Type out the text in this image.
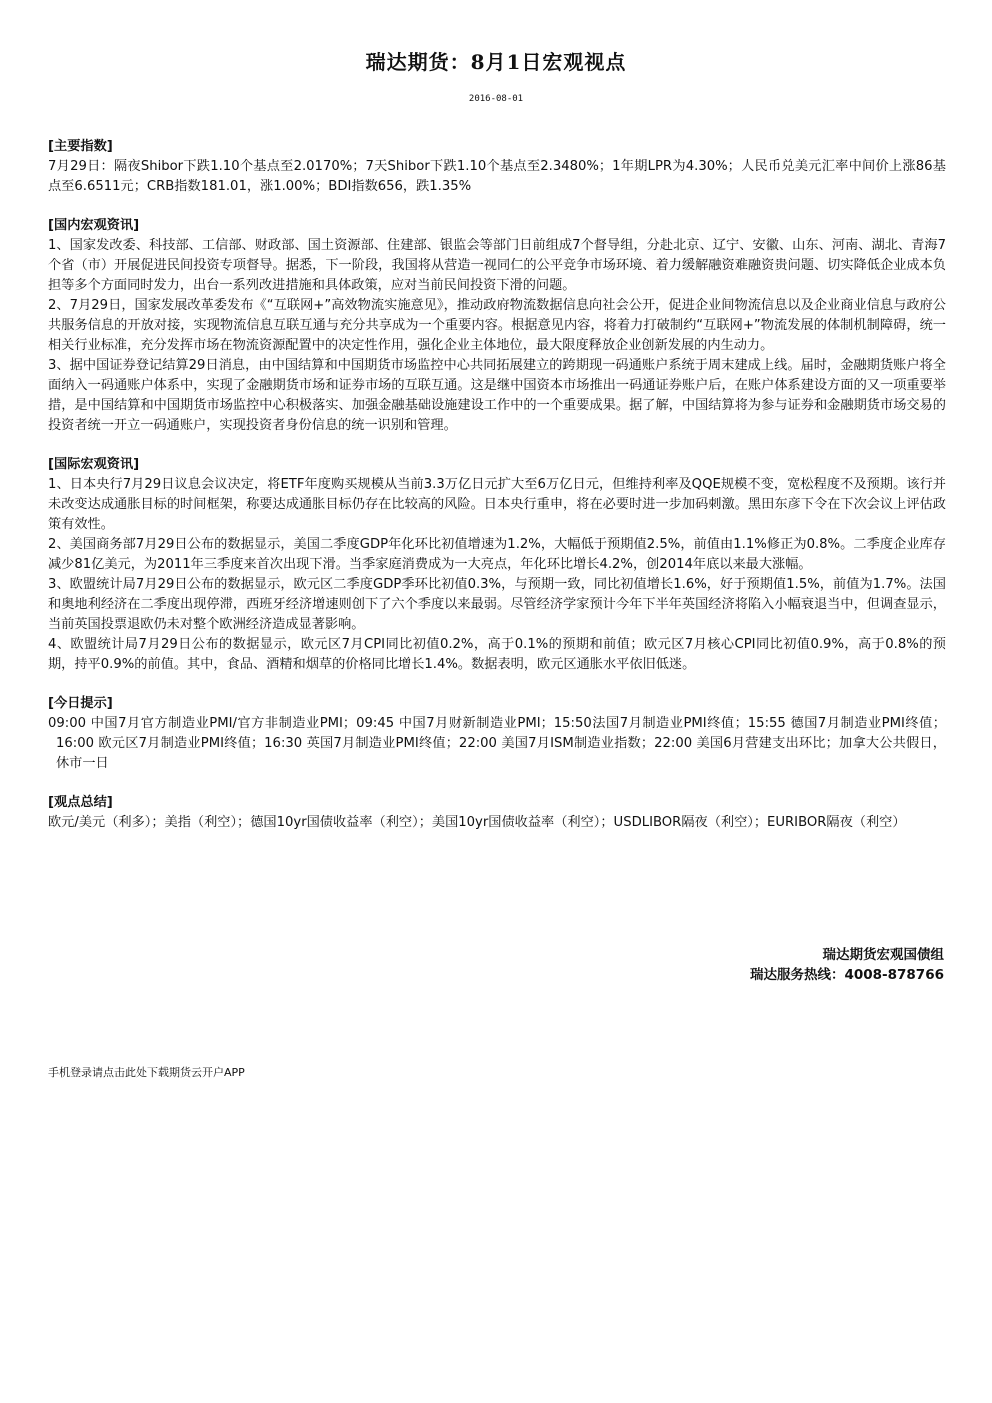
瑞达期货：8月1日宏观视点
2016-08-01

[主要指数]

7月29日：隔夜Shibor下跌1.10个基点至2.0170%；7天Shibor下跌1.10个基点至2.3480%；1年期LPR为4.30%；人民币兑美元汇率中间价上涨86基点至6.6511元；CRB指数181.01，涨1.00%；BDI指数656，跌1.35%

[国内宏观资讯]

1、国家发改委、科技部、工信部、财政部、国土资源部、住建部、银监会等部门日前组成7个督导组，分赴北京、辽宁、安徽、山东、河南、湖北、青海7个省（市）开展促进民间投资专项督导。据悉，下一阶段，我国将从营造一视同仁的公平竞争市场环境、着力缓解融资难融资贵问题、切实降低企业成本负担等多个方面同时发力，出台一系列改进措施和具体政策，应对当前民间投资下滑的问题。

2、7月29日，国家发展改革委发布《“互联网+”高效物流实施意见》，推动政府物流数据信息向社会公开，促进企业间物流信息以及企业商业信息与政府公共服务信息的开放对接，实现物流信息互联互通与充分共享成为一个重要内容。根据意见内容，将着力打破制约“互联网+”物流发展的体制机制障碍，统一相关行业标准，充分发挥市场在物流资源配置中的决定性作用，强化企业主体地位，最大限度释放企业创新发展的内生动力。

3、据中国证券登记结算29日消息，由中国结算和中国期货市场监控中心共同拓展建立的跨期现一码通账户系统于周末建成上线。届时，金融期货账户将全面纳入一码通账户体系中，实现了金融期货市场和证券市场的互联互通。这是继中国资本市场推出一码通证券账户后，在账户体系建设方面的又一项重要举措，是中国结算和中国期货市场监控中心积极落实、加强金融基础设施建设工作中的一个重要成果。据了解，中国结算将为参与证券和金融期货市场交易的投资者统一开立一码通账户，实现投资者身份信息的统一识别和管理。

[国际宏观资讯]

1、日本央行7月29日议息会议决定，将ETF年度购买规模从当前3.3万亿日元扩大至6万亿日元，但维持利率及QQE规模不变，宽松程度不及预期。该行并未改变达成通胀目标的时间框架，称要达成通胀目标仍存在比较高的风险。日本央行重申，将在必要时进一步加码刺激。黑田东彦下令在下次会议上评估政策有效性。

2、美国商务部7月29日公布的数据显示，美国二季度GDP年化环比初值增速为1.2%，大幅低于预期值2.5%，前值由1.1%修正为0.8%。二季度企业库存减少81亿美元，为2011年三季度来首次出现下滑。当季家庭消费成为一大亮点，年化环比增长4.2%，创2014年底以来最大涨幅。

3、欧盟统计局7月29日公布的数据显示，欧元区二季度GDP季环比初值0.3%，与预期一致，同比初值增长1.6%，好于预期值1.5%，前值为1.7%。法国和奥地利经济在二季度出现停滞，西班牙经济增速则创下了六个季度以来最弱。尽管经济学家预计今年下半年英国经济将陷入小幅衰退当中，但调查显示，当前英国投票退欧仍未对整个欧洲经济造成显著影响。

4、欧盟统计局7月29日公布的数据显示，欧元区7月CPI同比初值0.2%，高于0.1%的预期和前值；欧元区7月核心CPI同比初值0.9%，高于0.8%的预期，持平0.9%的前值。其中，食品、酒精和烟草的价格同比增长1.4%。数据表明，欧元区通胀水平依旧低迷。

[今日提示]

09:00 中国7月官方制造业PMI/官方非制造业PMI；09:45 中国7月财新制造业PMI；15:50法国7月制造业PMI终值；15:55 德国7月制造业PMI终值；16:00 欧元区7月制造业PMI终值；16:30 英国7月制造业PMI终值；22:00 美国7月ISM制造业指数；22:00 美国6月营建支出环比；加拿大公共假日，休市一日

[观点总结]

欧元/美元（利多）；美指（利空）；德国10yr国债收益率（利空）；美国10yr国债收益率（利空）；USDLIBOR隔夜（利空）；EURIBOR隔夜（利空）

瑞达期货宏观国债组
瑞达服务热线：4008-878766
手机登录请点击此处下载期货云开户APP
